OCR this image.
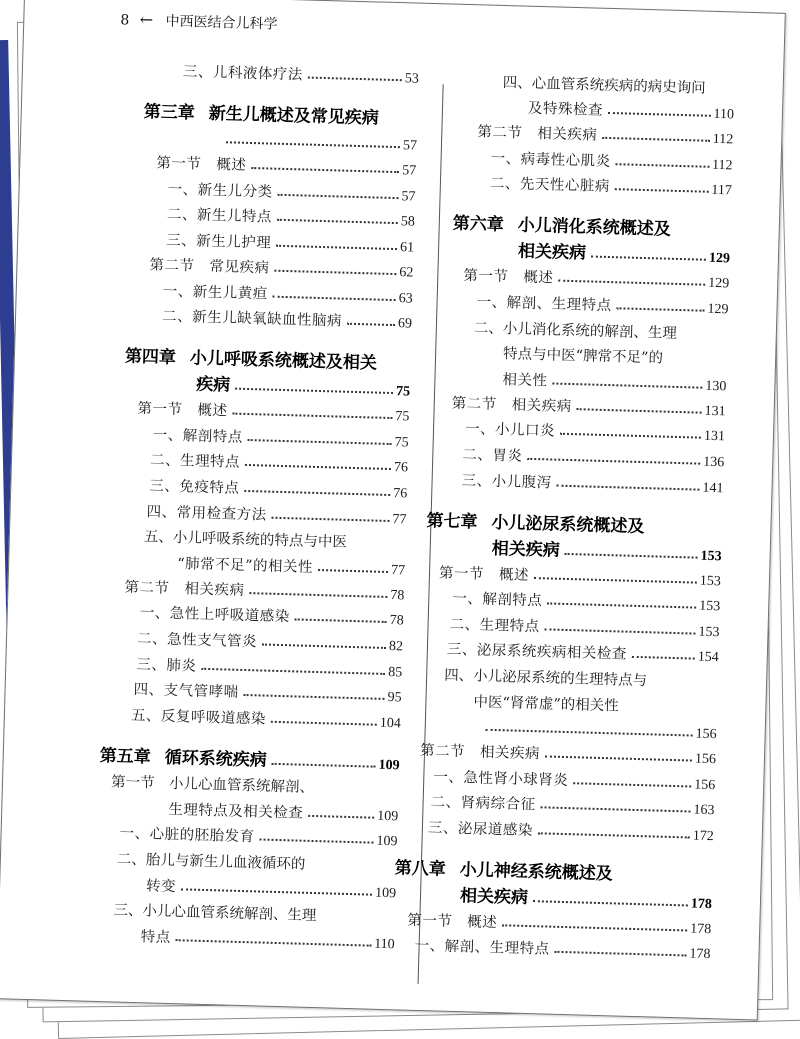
8 ← 中西医结合儿科学
三、儿科液体疗法	53
第三章 新生儿概述及常见疾病
57
第一节　概述	57
一、新生儿分类	57
二、新生儿特点	58
三、新生儿护理	61
第二节　常见疾病	62
一、新生儿黄疸	63
二、新生儿缺氧缺血性脑病	69
第四章 小儿呼吸系统概述及相关
疾病	75
第一节　概述	75
一、解剖特点	75
二、生理特点	76
三、免疫特点	76
四、常用检查方法	77
五、小儿呼吸系统的特点与中医
“肺常不足”的相关性	77
第二节　相关疾病	78
一、急性上呼吸道感染	78
二、急性支气管炎	82
三、肺炎	85
四、支气管哮喘	95
五、反复呼吸道感染	104
第五章 循环系统疾病	109
第一节　小儿心血管系统解剖、
生理特点及相关检查	109
一、心脏的胚胎发育	109
二、胎儿与新生儿血液循环的
转变	109
三、小儿心血管系统解剖、生理
特点	110
四、心血管系统疾病的病史询问
及特殊检查	110
第二节　相关疾病	112
一、病毒性心肌炎	112
二、先天性心脏病	117
第六章 小儿消化系统概述及
相关疾病	129
第一节　概述	129
一、解剖、生理特点	129
二、小儿消化系统的解剖、生理
特点与中医“脾常不足”的
相关性	130
第二节　相关疾病	131
一、小儿口炎	131
二、胃炎	136
三、小儿腹泻	141
第七章 小儿泌尿系统概述及
相关疾病	153
第一节　概述	153
一、解剖特点	153
二、生理特点	153
三、泌尿系统疾病相关检查	154
四、小儿泌尿系统的生理特点与
中医“肾常虚”的相关性
156
第二节　相关疾病	156
一、急性肾小球肾炎	156
二、肾病综合征	163
三、泌尿道感染	172
第八章 小儿神经系统概述及
相关疾病	178
第一节　概述	178
一、解剖、生理特点	178
